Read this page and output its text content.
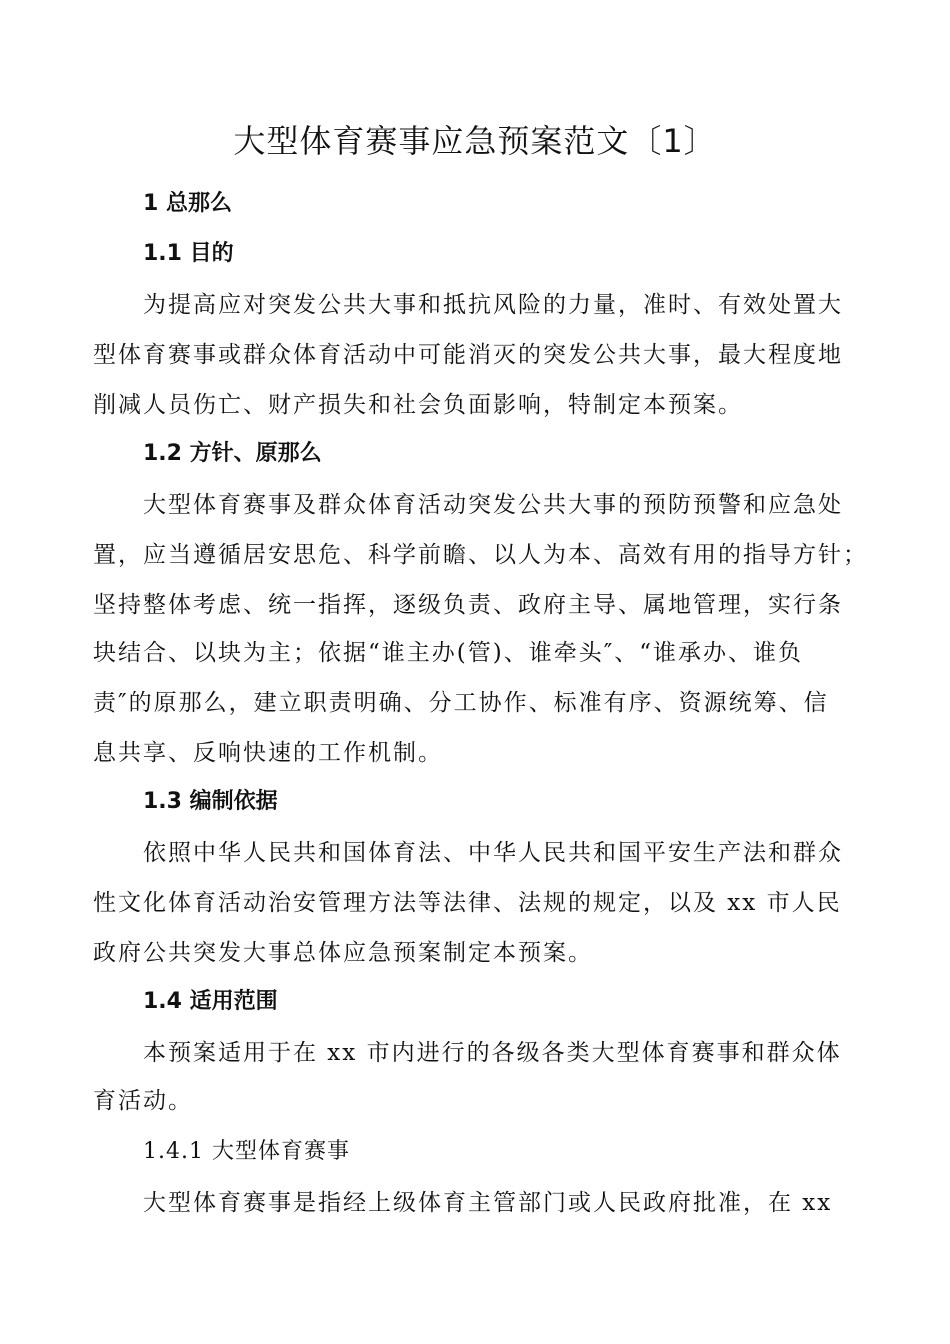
大型体育赛事应急预案范文〔1〕
1 总那么
1.1 目的
为提高应对突发公共大事和抵抗风险的力量，准时、有效处置大
型体育赛事或群众体育活动中可能消灭的突发公共大事，最大程度地
削减人员伤亡、财产损失和社会负面影响，特制定本预案。
1.2 方针、原那么
大型体育赛事及群众体育活动突发公共大事的预防预警和应急处
置，应当遵循居安思危、科学前瞻、以人为本、高效有用的指导方针；
坚持整体考虑、统一指挥，逐级负责、政府主导、属地管理，实行条
块结合、以块为主；依据“谁主办(管)、谁牵头″、“谁承办、谁负
责″的原那么，建立职责明确、分工协作、标准有序、资源统筹、信
息共享、反响快速的工作机制。
1.3 编制依据
依照中华人民共和国体育法、中华人民共和国平安生产法和群众
性文化体育活动治安管理方法等法律、法规的规定，以及 xx 市人民
政府公共突发大事总体应急预案制定本预案。
1.4 适用范围
本预案适用于在 xx 市内进行的各级各类大型体育赛事和群众体
育活动。
1.4.1 大型体育赛事
大型体育赛事是指经上级体育主管部门或人民政府批准，在 xx
